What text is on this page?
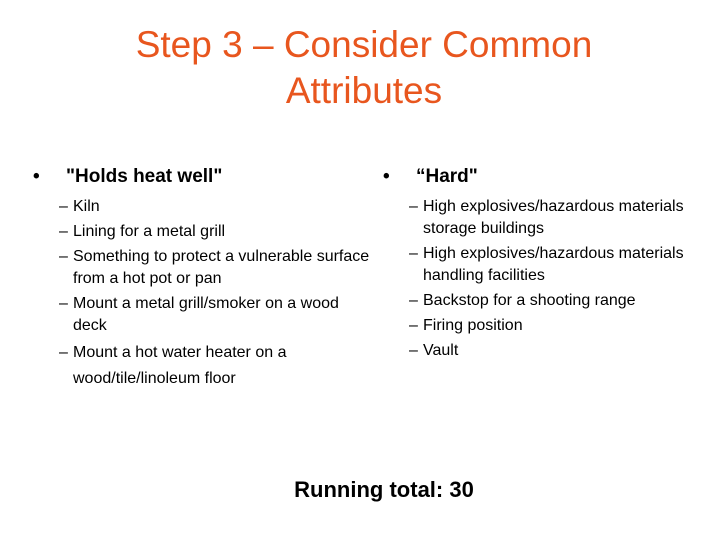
Step 3 – Consider Common
Attributes
• "Holds heat well"
– Kiln
– Lining for a metal grill
– Something to protect a vulnerable surface from a hot pot or pan
– Mount a metal grill/smoker on a wood deck
– Mount a hot water heater on a wood/tile/linoleum floor
• “Hard"
– High explosives/hazardous materials storage buildings
– High explosives/hazardous materials handling facilities
– Backstop for a shooting range
– Firing position
– Vault
Running total: 30
